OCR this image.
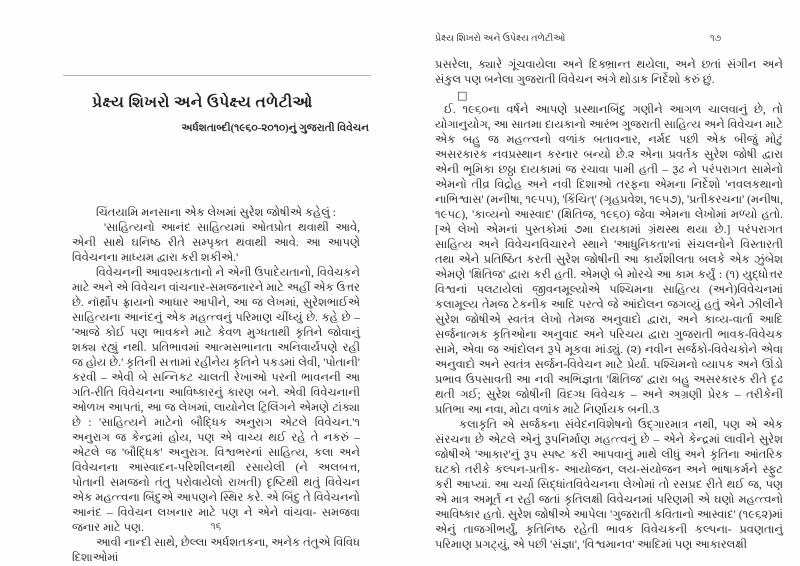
પ્રેક્ષ્ય શિખરો અને ઉપેક્ષ્ય તળેટીઓ
અર્ધશતાબ્દી(૧૯૬૦-૨૦૧૦)નું ગુજરાતી વિવેચન

ચિંતયામિ મનસાના એક લેખમાં સુરેશ જોષીએ કહેલું :

'સાહિત્યનો આનંદ સાહિત્યમાં ઓતપ્રોત થવાથી આવે, એની સાથે ઘનિષ્ઠ રીતે સમ્પૃક્ત થવાથી આવે. આ આપણે વિવેચનના માધ્યમ દ્વારા કરી શકીએ.'

વિવેચનની આવશ્યકતાનો ને એની ઉપાદેયતાનો, વિવેચકને માટે અને એ વિવેચન વાંચનાર-સમજનારને માટે અહીં એક ઉત્તર છે. નૉર્થ્રોપ ફ્રાયનો આધાર આપીને, આ જ લેખમાં, સુરેશભાઈએ સાહિત્યના આનંદનું એક મહત્ત્વનું પરિમાણ ચીંધ્યું છે. કહે છે – 'આજે કોઈ પણ ભાવકને માટે કેવળ મુગ્ધતાથી કૃતિને જોવાનું શક્ય રહ્યું નથી. પ્રતિભાવમાં આત્મસભાનતા અનિવાર્યપણે રહી જ હોય છે.' કૃતિની સત્તામાં રહીનેય કૃતિને પકડમાં લેવી, 'પોતાની' કરવી – એવી બે સન્નિકટ ચાલતી રેખાઓ પરની ભાવનની આ ગતિ-રીતિ વિવેચનના આવિષ્કારનું કારણ બને. એવી વિવેચનાની ઓળખ આપતાં, આ જ લેખમાં, લાયોનેલ ટ્રિલિંગને એમણે ટાંક્યા છે : 'સાહિત્યને માટેનો બૌદ્ધિક અનુરાગ એટલે વિવેચન.'૧ અનુરાગ જ કેન્દ્રમાં હોય, પણ એ વાચ્ય થઈ રહે તે નકરું – એટલે જ 'બૌદ્ધિક' અનુરાગ. વિશ્વભરનાં સાહિત્ય, કલા અને વિવેચનના આસ્વાદન-પરિશીલનથી રસાયેલી (ને અલબત્ત, પોતાની સમજનો તંતુ પરોવાયેલો રાખતી) દૃષ્ટિથી થતું વિવેચન એક મહત્ત્વના બિંદુએ આપણને સ્થિર કરે. એ બિંદુ તે વિવેચનનો આનંદ – વિવેચન લખનાર માટે પણ ને એને વાંચવા- સમજવા જનાર માટે પણ.

આવી નાન્દી સાથે, છેલ્લા અર્ધશતકના, અનેક તંતુએ વિવિધ દિશાઓમાં

૧૬
પ્રેક્ષ્ય શિખરો અને ઉપેક્ષ્ય તળેટીઓ	૧૭

પ્રસરેલા, ક્યારે ગૂંચવાયેલા અને દિક્ભ્રાન્ત થયેલા, અને છતાં સંગીન અને સંકુલ પણ બનેલા ગુજરાતી વિવેચન અંગે થોડાક નિર્દેશો કરું છું.

□

ઈ. ૧૯૬૦ના વર્ષને આપણે પ્રસ્થાનબિંદુ ગણીને આગળ ચાલવાનું છે, તો યોગાનુયોગ, આ સાતમા દાયકાનો આરંભ ગુજરાતી સાહિત્ય અને વિવેચન માટે એક બહુ જ મહત્ત્વનો વળાંક બતાવનાર, નર્મદ પછી એક બીજું મોટું અસરકારક નવપ્રસ્થાન કરનાર બન્યો છે.૨ એના પ્રવર્તક સુરેશ જોષી દ્વારા એની ભૂમિકા છઠ્ઠા દાયકામાં જ રચાવા પામી હતી – રૂઢ ને પરંપરાગત સામેનો એમનો તીવ્ર વિદ્રોહ અને નવી દિશાઓ તરફના એમના નિર્દેશો 'નવલકથાનો નાભિશ્વાસ' (મનીષા, ૧૯૫૫), 'કિંચિત્' (ગૃહપ્રવેશ, ૧૯૫૭), 'પ્રતીકરચના' (મનીષા, ૧૯૫૮), 'કાવ્યનો આસ્વાદ' (ક્ષિતિજ, ૧૯૬૦) જેવા એમના લેખોમાં મળ્યો હતો. [એ લેખો એમનાં પુસ્તકોમાં ૭મા દાયકામાં ગ્રંથસ્થ થયા છે.] પરંપરાગત સાહિત્ય અને વિવેચનવિચારને સ્થાને 'આધુનિકતા'નાં સંચલનોને વિસ્તારતી તથા એને પ્રતિષ્ઠિત કરતી સુરેશ જોષીની આ કાર્યશીલતા બલકે એક ઝુંબેશ એમણે 'ક્ષિતિજ' દ્વારા કરી હતી. એમણે બે મોરચે આ કામ કર્યું : (૧) યુદ્ધોત્તર વિશ્વનાં પલટાયેલાં જીવનમૂલ્યોએ પશ્ચિમના સાહિત્ય (અને)વિવેચનમાં કલામૂલ્ય તેમજ ટેકનીક આદિ પરત્વે જે આંદોલન જગવ્યું હતું એને ઝીલીને સુરેશ જોષીએ સ્વતંત્ર લેખો તેમજ અનુવાદો દ્વારા, અને કાવ્ય-વાર્તા આદિ સર્જનાત્મક કૃતિઓના અનુવાદ અને પરિચય દ્વારા ગુજરાતી ભાવક-વિવેચક સામે, એવા જ આંદોલન રૂપે મૂકવા માંડ્યું. (૨) નવીન સર્જકો-વિવેચકોને એવા અનુવાદો અને સ્વતંત્ર સર્જન-વિવેચન માટે પ્રેર્યા. પશ્ચિમનો વ્યાપક અને ઊંડો પ્રભાવ ઉપસાવતી આ નવી અભિજ્ઞતા 'ક્ષિતિજ' દ્વારા બહુ અસરકારક રીતે દૃઢ થતી ગઈ; સુરેશ જોષીની વિદગ્ધ વિવેચક – અને અગ્રણી પ્રેરક – તરીકેની પ્રતિભા આ નવા, મોટા વળાંક માટે નિર્ણાયક બની.૩

કલાકૃતિ એ સર્જકના સંવેદનવિશેષનો ઉદ્ગારમાત્ર નથી, પણ એ એક સંરચના છે એટલે એનું રૂપનિર્માણ મહત્ત્વનું છે – એને કેન્દ્રમાં લાવીને સુરેશ જોષીએ 'આકાર'નું રૂપ સ્પષ્ટ કરી આપવાનું માથે લીધું અને કૃતિના આંતરિક ઘટકો તરીકે કલ્પન-પ્રતીક- આયોજન, લય-સંયોજન અને ભાષાકર્મને સ્ફુટ કરી આપ્યાં. આ ચર્ચા સિદ્ધાંતવિવેચનના લેખોમાં તો રસપ્રદ રીતે થઈ જ, પણ એ માત્ર અમૂર્ત ન રહી જતાં કૃતિલક્ષી વિવેચનમાં પરિણમી એ ઘણો મહત્ત્વનો આવિષ્કાર હતો. સુરેશ જોષીએ આપેલા 'ગુજરાતી કવિતાનો આસ્વાદ' (૧૯૬૨)માં એનું તાજગીભર્યું, કૃતિનિષ્ઠ રહેતી ભાવક વિવેચકની કલ્પના- પ્રવણતાનું પરિમાણ પ્રગટ્યું, એ પછી 'સંજ્ઞા', 'વિશ્વમાનવ' આદિમાં પણ આકારલક્ષી
